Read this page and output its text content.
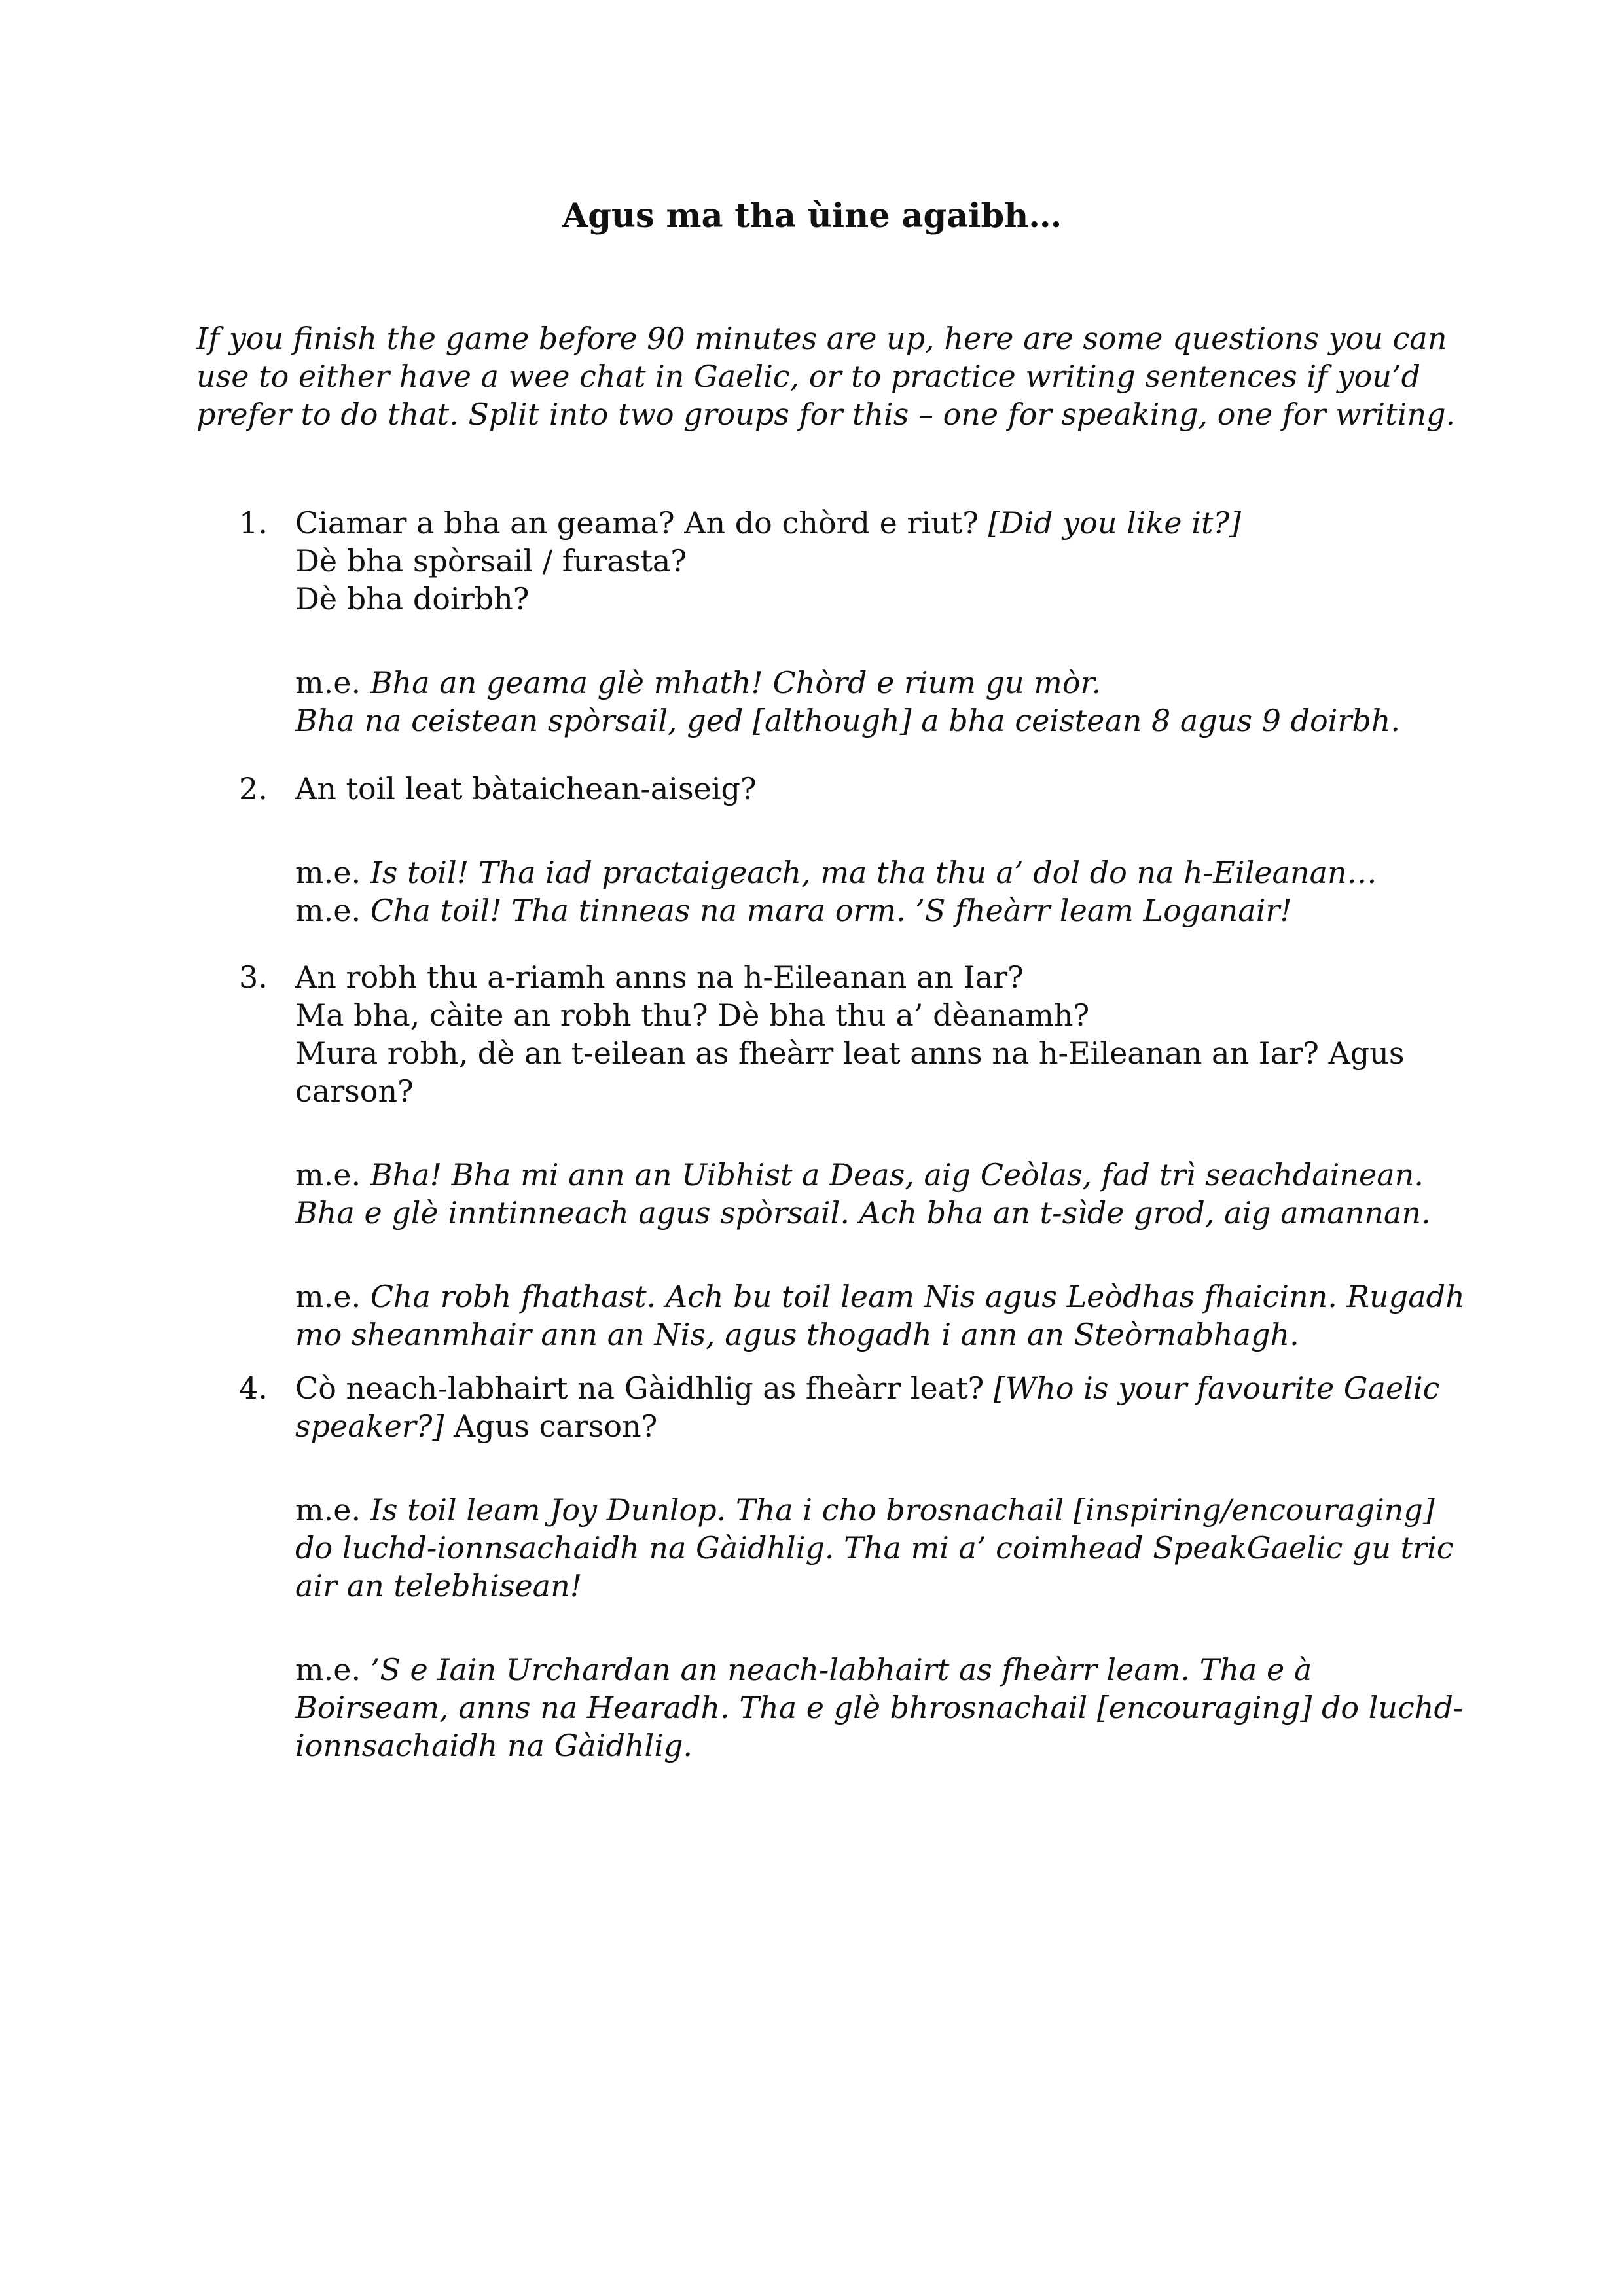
Agus ma tha ùine agaibh…

If you finish the game before 90 minutes are up, here are some questions you can
use to either have a wee chat in Gaelic, or to practice writing sentences if you’d
prefer to do that. Split into two groups for this – one for speaking, one for writing.

1. Ciamar a bha an geama? An do chòrd e riut? [Did you like it?]
Dè bha spòrsail / furasta?
Dè bha doirbh?
m.e. Bha an geama glè mhath! Chòrd e rium gu mòr.
Bha na ceistean spòrsail, ged [although] a bha ceistean 8 agus 9 doirbh.
2. An toil leat bàtaichean-aiseig?
m.e. Is toil! Tha iad practaigeach, ma tha thu a’ dol do na h-Eileanan…
m.e. Cha toil! Tha tinneas na mara orm. ’S fheàrr leam Loganair!
3. An robh thu a-riamh anns na h-Eileanan an Iar?
Ma bha, càite an robh thu? Dè bha thu a’ dèanamh?
Mura robh, dè an t-eilean as fheàrr leat anns na h-Eileanan an Iar? Agus
carson?
m.e. Bha! Bha mi ann an Uibhist a Deas, aig Ceòlas, fad trì seachdainean.
Bha e glè inntinneach agus spòrsail. Ach bha an t-sìde grod, aig amannan.
m.e. Cha robh fhathast. Ach bu toil leam Nis agus Leòdhas fhaicinn. Rugadh
mo sheanmhair ann an Nis, agus thogadh i ann an Steòrnabhagh.
4. Cò neach-labhairt na Gàidhlig as fheàrr leat? [Who is your favourite Gaelic
speaker?] Agus carson?
m.e. Is toil leam Joy Dunlop. Tha i cho brosnachail [inspiring/encouraging]
do luchd-ionnsachaidh na Gàidhlig. Tha mi a’ coimhead SpeakGaelic gu tric
air an telebhisean!
m.e. ’S e Iain Urchardan an neach-labhairt as fheàrr leam. Tha e à
Boirseam, anns na Hearadh. Tha e glè bhrosnachail [encouraging] do luchd-
ionnsachaidh na Gàidhlig.
